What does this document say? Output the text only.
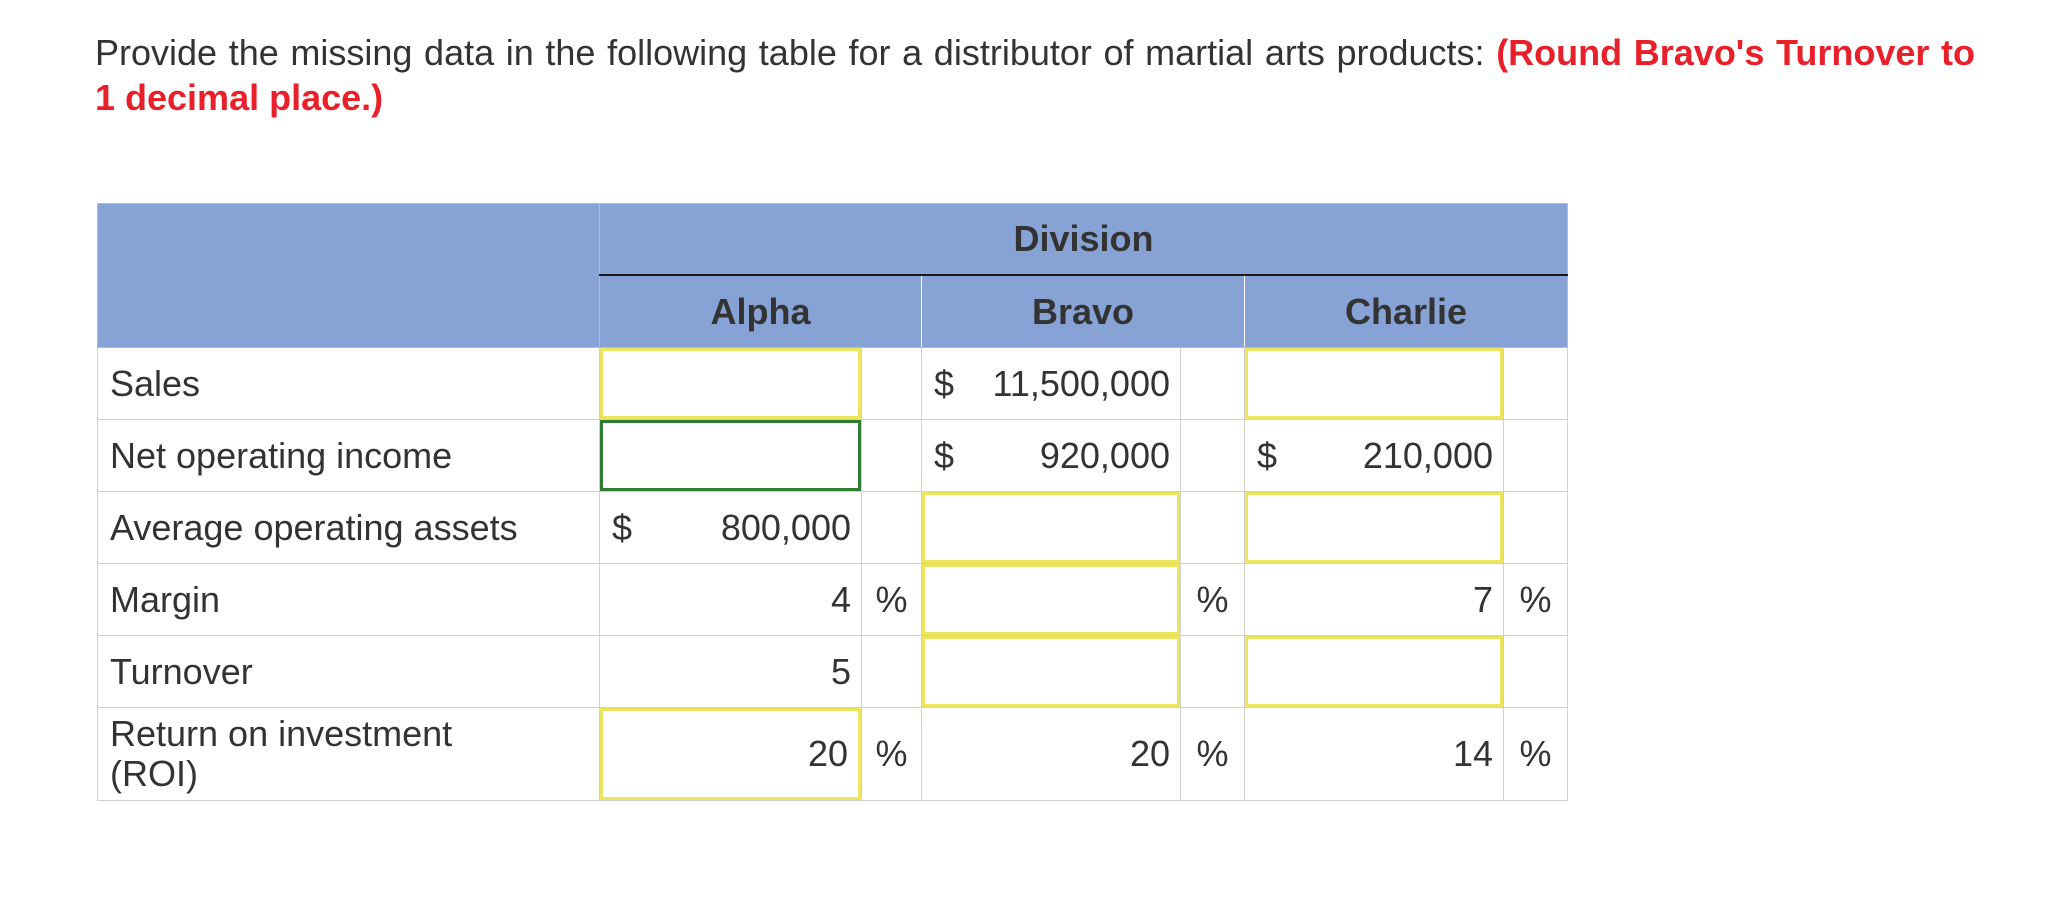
Provide the missing data in the following table for a distributor of martial arts products: (Round Bravo's Turnover to 1 decimal place.)
	Division					
	Alpha		Bravo		Charlie	
Sales			$ 11,500,000			

Net operating income			$ 920,000		$ 210,000	

Average operating assets	$ 800,000					

Margin	4	%		%	7	%
Turnover	5		

Return on investment
(ROI)	20	%	20	%	14	%
